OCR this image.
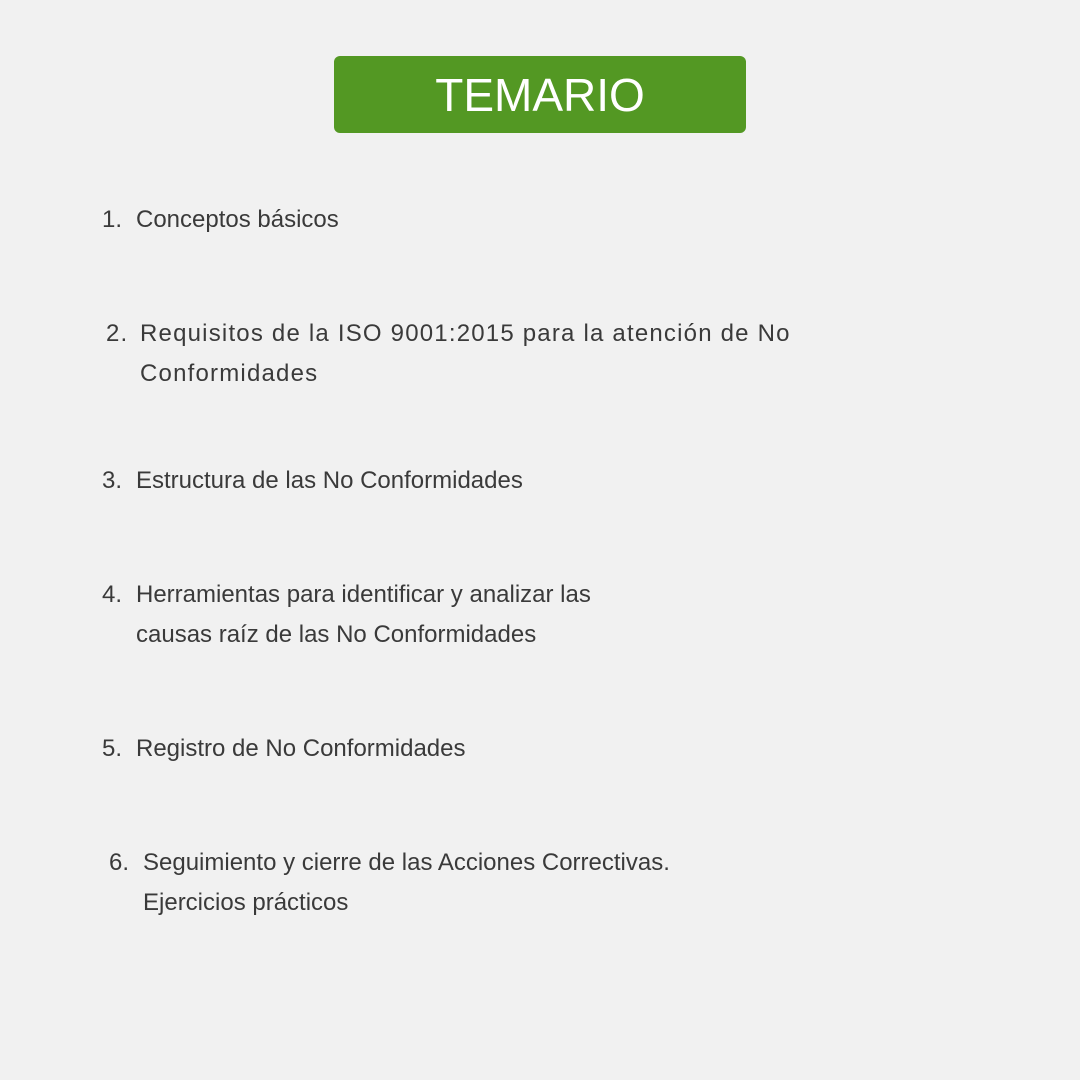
TEMARIO
1. Conceptos básicos
2. Requisitos de la ISO 9001:2015 para la atención de No
Conformidades
3. Estructura de las No Conformidades
4. Herramientas para identificar y analizar las
causas raíz de las No Conformidades
5. Registro de No Conformidades
6. Seguimiento y cierre de las Acciones Correctivas.
Ejercicios prácticos
